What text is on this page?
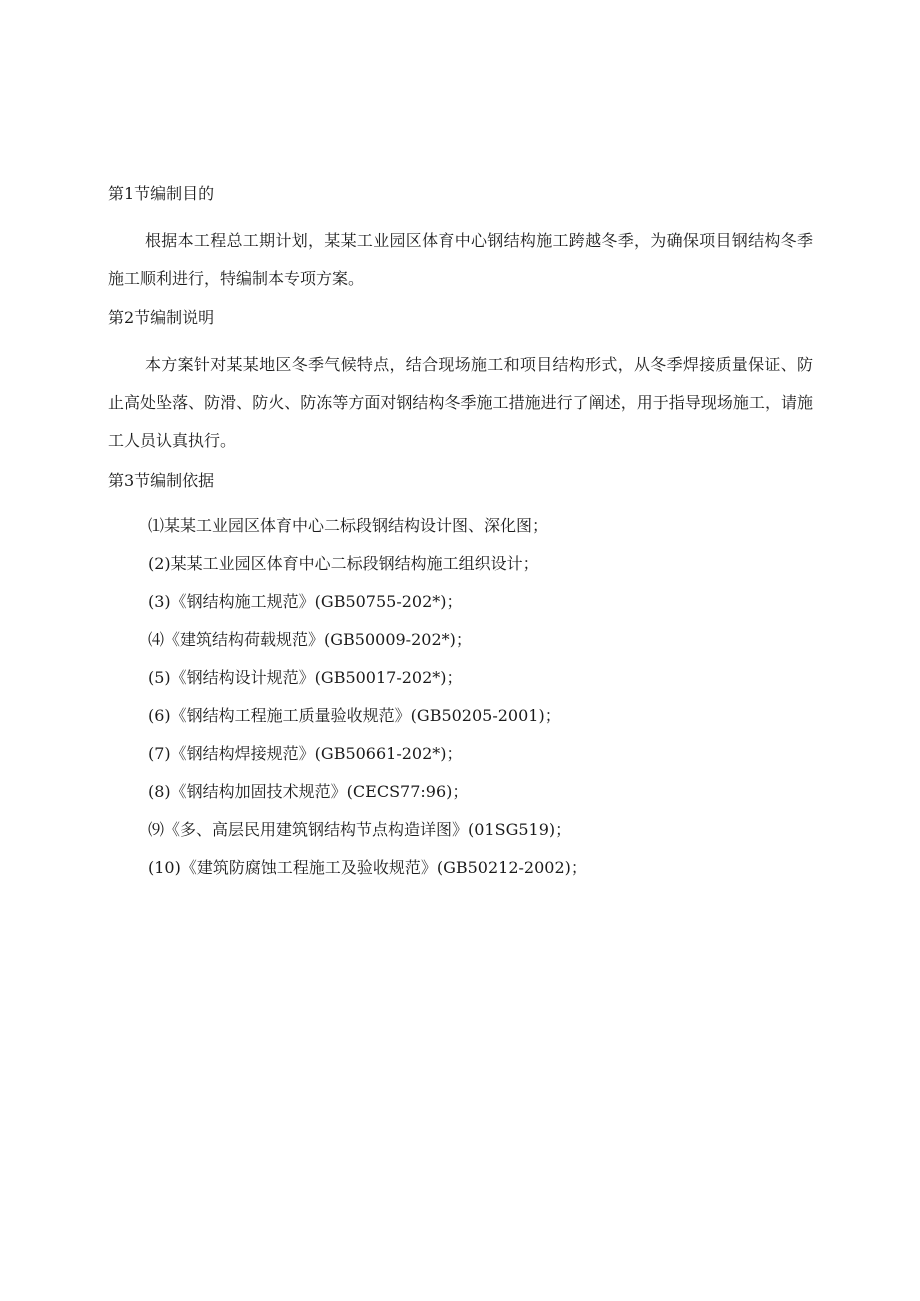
第1节编制目的
根据本工程总工期计划，某某工业园区体育中心钢结构施工跨越冬季，为确保项目钢结构冬季施工顺利进行，特编制本专项方案。
第2节编制说明
本方案针对某某地区冬季气候特点，结合现场施工和项目结构形式，从冬季焊接质量保证、防止高处坠落、防滑、防火、防冻等方面对钢结构冬季施工措施进行了阐述，用于指导现场施工，请施工人员认真执行。
第3节编制依据
⑴某某工业园区体育中心二标段钢结构设计图、深化图；
(2)某某工业园区体育中心二标段钢结构施工组织设计；
(3)《钢结构施工规范》(GB50755-202*)；
⑷《建筑结构荷载规范》(GB50009-202*)；
(5)《钢结构设计规范》(GB50017-202*)；
(6)《钢结构工程施工质量验收规范》(GB50205-2001)；
(7)《钢结构焊接规范》(GB50661-202*)；
(8)《钢结构加固技术规范》(CECS77:96)；
⑼《多、高层民用建筑钢结构节点构造详图》(01SG519)；
(10)《建筑防腐蚀工程施工及验收规范》(GB50212-2002)；
